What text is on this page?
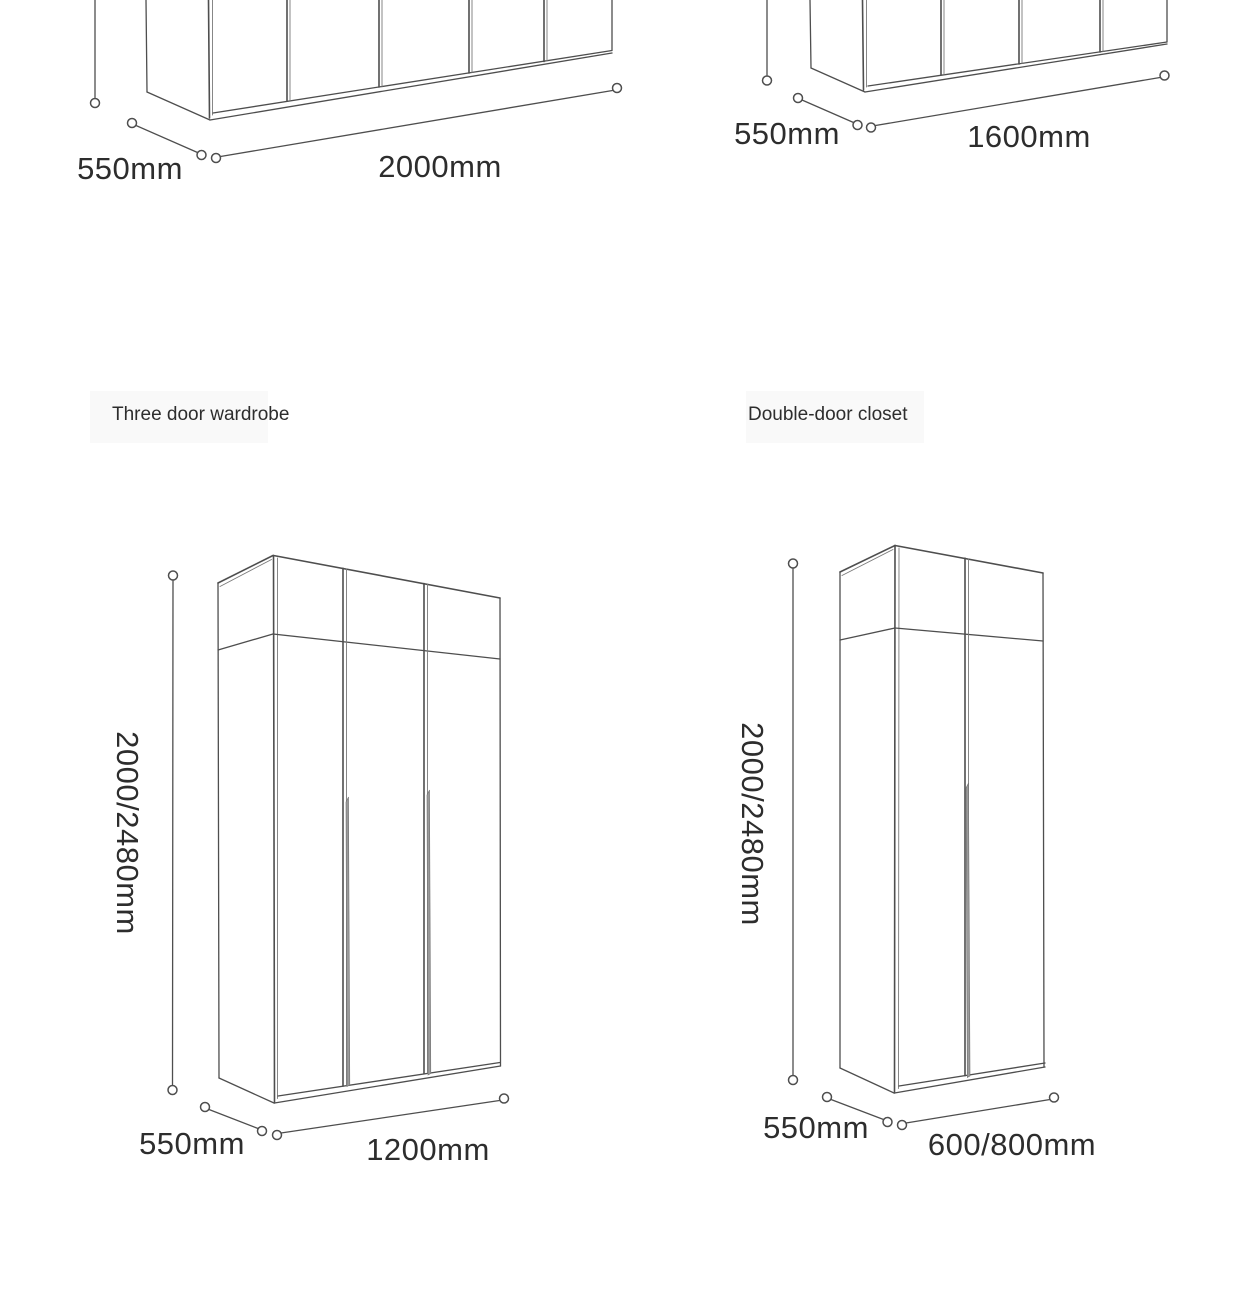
Three door wardrobe	Double-door closet
550mm	2000mm
550mm	1600mm
2000/2480mm
550mm	1200mm
2000/2480mm
550mm 600/800mm
